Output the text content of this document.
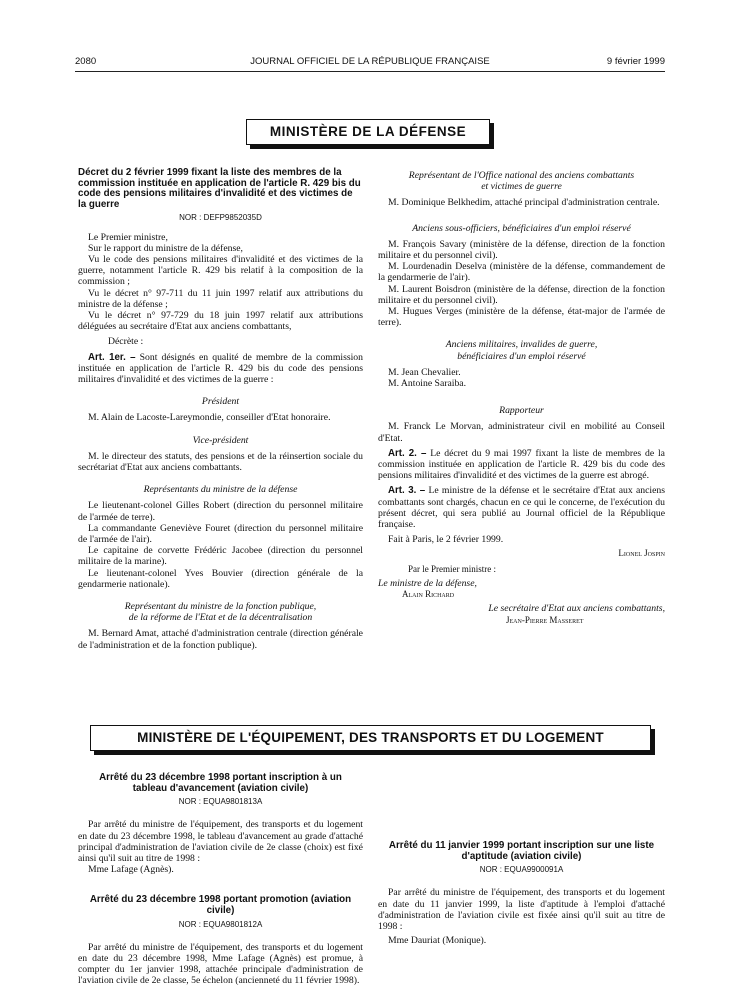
2080	JOURNAL OFFICIEL DE LA RÉPUBLIQUE FRANÇAISE	9 février 1999
MINISTÈRE DE LA DÉFENSE
Décret du 2 février 1999 fixant la liste des membres de la commission instituée en application de l'article R. 429 bis du code des pensions militaires d'invalidité et des victimes de la guerre
NOR : DEFP9852035D

Le Premier ministre,

Sur le rapport du ministre de la défense,

Vu le code des pensions militaires d'invalidité et des victimes de la guerre, notamment l'article R. 429 bis relatif à la composition de la commission ;

Vu le décret n° 97-711 du 11 juin 1997 relatif aux attributions du ministre de la défense ;

Vu le décret n° 97-729 du 18 juin 1997 relatif aux attributions déléguées au secrétaire d'Etat aux anciens combattants,

Décrète :

Art. 1er. – Sont désignés en qualité de membre de la commission instituée en application de l'article R. 429 bis du code des pensions militaires d'invalidité et des victimes de la guerre :

Président

M. Alain de Lacoste-Lareymondie, conseiller d'Etat honoraire.

Vice-président

M. le directeur des statuts, des pensions et de la réinsertion sociale du secrétariat d'Etat aux anciens combattants.

Représentants du ministre de la défense

Le lieutenant-colonel Gilles Robert (direction du personnel militaire de l'armée de terre).

La commandante Geneviève Fouret (direction du personnel militaire de l'armée de l'air).

Le capitaine de corvette Frédéric Jacobee (direction du personnel militaire de la marine).

Le lieutenant-colonel Yves Bouvier (direction générale de la gendarmerie nationale).

Représentant du ministre de la fonction publique,
de la réforme de l'Etat et de la décentralisation

M. Bernard Amat, attaché d'administration centrale (direction générale de l'administration et de la fonction publique).

Représentant de l'Office national des anciens combattants
et victimes de guerre

M. Dominique Belkhedim, attaché principal d'administration centrale.

Anciens sous-officiers, bénéficiaires d'un emploi réservé

M. François Savary (ministère de la défense, direction de la fonction militaire et du personnel civil).

M. Lourdenadin Deselva (ministère de la défense, commandement de la gendarmerie de l'air).

M. Laurent Boisdron (ministère de la défense, direction de la fonction militaire et du personnel civil).

M. Hugues Verges (ministère de la défense, état-major de l'armée de terre).

Anciens militaires, invalides de guerre,
bénéficiaires d'un emploi réservé

M. Jean Chevalier.

M. Antoine Saraiba.

Rapporteur

M. Franck Le Morvan, administrateur civil en mobilité au Conseil d'Etat.

Art. 2. – Le décret du 9 mai 1997 fixant la liste de membres de la commission instituée en application de l'article R. 429 bis du code des pensions militaires d'invalidité et des victimes de la guerre est abrogé.

Art. 3. – Le ministre de la défense et le secrétaire d'Etat aux anciens combattants sont chargés, chacun en ce qui le concerne, de l'exécution du présent décret, qui sera publié au Journal officiel de la République française.

Fait à Paris, le 2 février 1999.

Lionel Jospin
Par le Premier ministre :
Le ministre de la défense,
Alain Richard
Le secrétaire d'Etat aux anciens combattants,
Jean-Pierre Masseret
MINISTÈRE DE L'ÉQUIPEMENT, DES TRANSPORTS ET DU LOGEMENT
Arrêté du 23 décembre 1998 portant inscription à un tableau d'avancement (aviation civile)
NOR : EQUA9801813A

Par arrêté du ministre de l'équipement, des transports et du logement en date du 23 décembre 1998, le tableau d'avancement au grade d'attaché principal d'administration de l'aviation civile de 2e classe (choix) est fixé ainsi qu'il suit au titre de 1998 :

Mme Lafage (Agnès).

Arrêté du 23 décembre 1998 portant promotion (aviation civile)
NOR : EQUA9801812A

Par arrêté du ministre de l'équipement, des transports et du logement en date du 23 décembre 1998, Mme Lafage (Agnès) est promue, à compter du 1er janvier 1998, attachée principale d'administration de l'aviation civile de 2e classe, 5e échelon (ancienneté du 11 février 1998).

Arrêté du 11 janvier 1999 portant inscription sur une liste d'aptitude (aviation civile)
NOR : EQUA9900091A

Par arrêté du ministre de l'équipement, des transports et du logement en date du 11 janvier 1999, la liste d'aptitude à l'emploi d'attaché d'administration de l'aviation civile est fixée ainsi qu'il suit au titre de 1998 :

Mme Dauriat (Monique).
